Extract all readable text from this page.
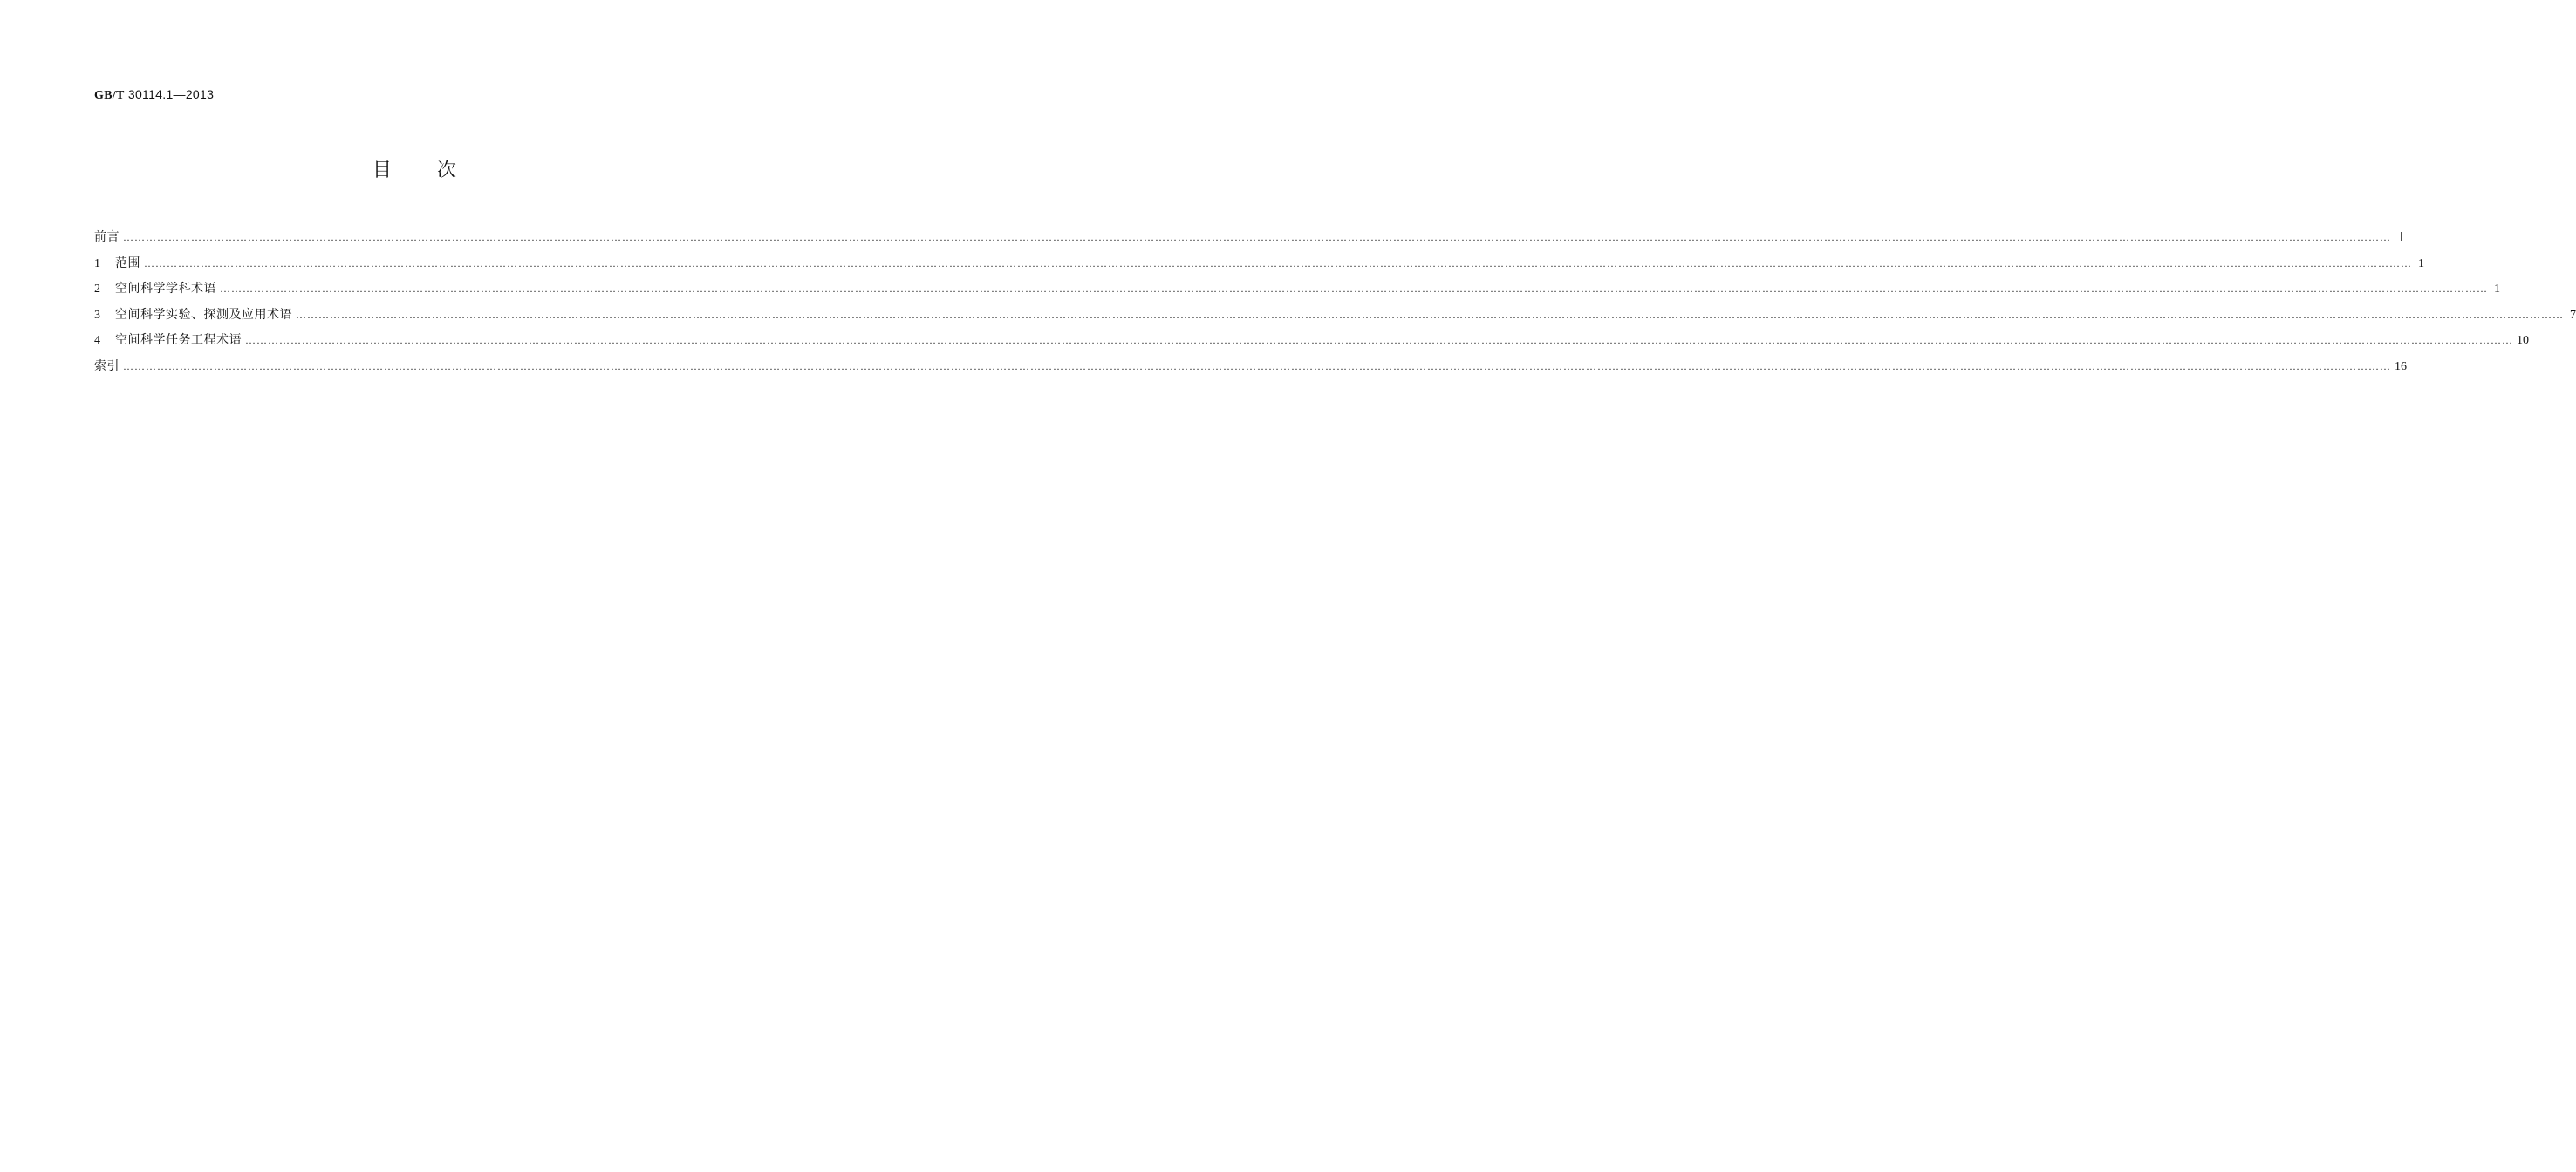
GB/T 30114.1—2013
目次
前言 …………………………………………………………………………………………………………………………………………………………………………………………………………………………………………………………………………………………………………………………………………………………………………………………………………………………………………………………………………………………………………………………………………………… Ⅰ
1	范围 …………………………………………………………………………………………………………………………………………………………………………………………………………………………………………………………………………………………………………………………………………………………………………………………………………………………………………………………………………………………………………………………………………………… 1
2	空间科学学科术语 …………………………………………………………………………………………………………………………………………………………………………………………………………………………………………………………………………………………………………………………………………………………………………………………………………………………………………………………………………………………………………………………………………………… 1
3	空间科学实验、探测及应用术语 …………………………………………………………………………………………………………………………………………………………………………………………………………………………………………………………………………………………………………………………………………………………………………………………………………………………………………………………………………………………………………………………………………………… 7
4	空间科学任务工程术语 …………………………………………………………………………………………………………………………………………………………………………………………………………………………………………………………………………………………………………………………………………………………………………………………………………………………………………………………………………………………………………………………………………………… 10
索引 …………………………………………………………………………………………………………………………………………………………………………………………………………………………………………………………………………………………………………………………………………………………………………………………………………………………………………………………………………………………………………………………………………………… 16
